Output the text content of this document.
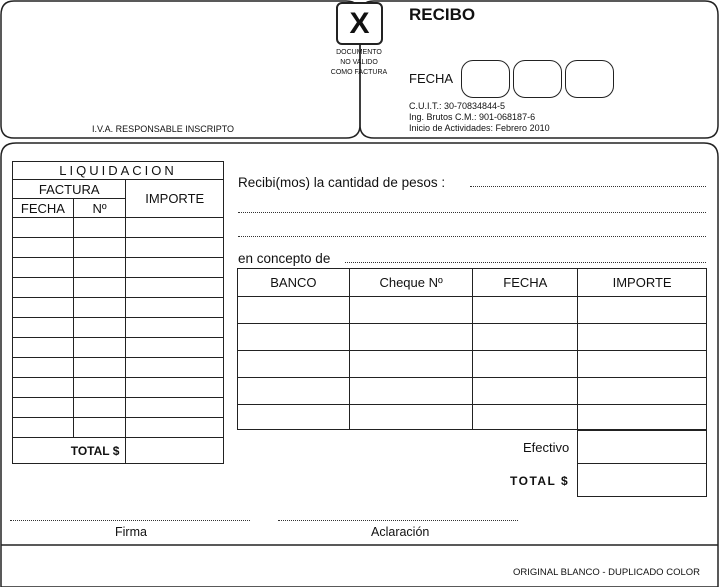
X
DOCUMENTO
NO VALIDO
COMO FACTURA
RECIBO
FECHA
C.U.I.T.: 30-70834844-5
Ing. Brutos C.M.: 901-068187-6
Inicio de Actividades: Febrero 2010
I.V.A. RESPONSABLE INSCRIPTO
LIQUIDACION		
FACTURA		IMPORTE
FECHA	Nº	

TOTAL $		
Recibi(mos) la cantidad de pesos :
en concepto de
BANCO	Cheque Nº	FECHA	IMPORTE

Efectivo
TOTAL $
Firma	Aclaración
ORIGINAL BLANCO - DUPLICADO COLOR
